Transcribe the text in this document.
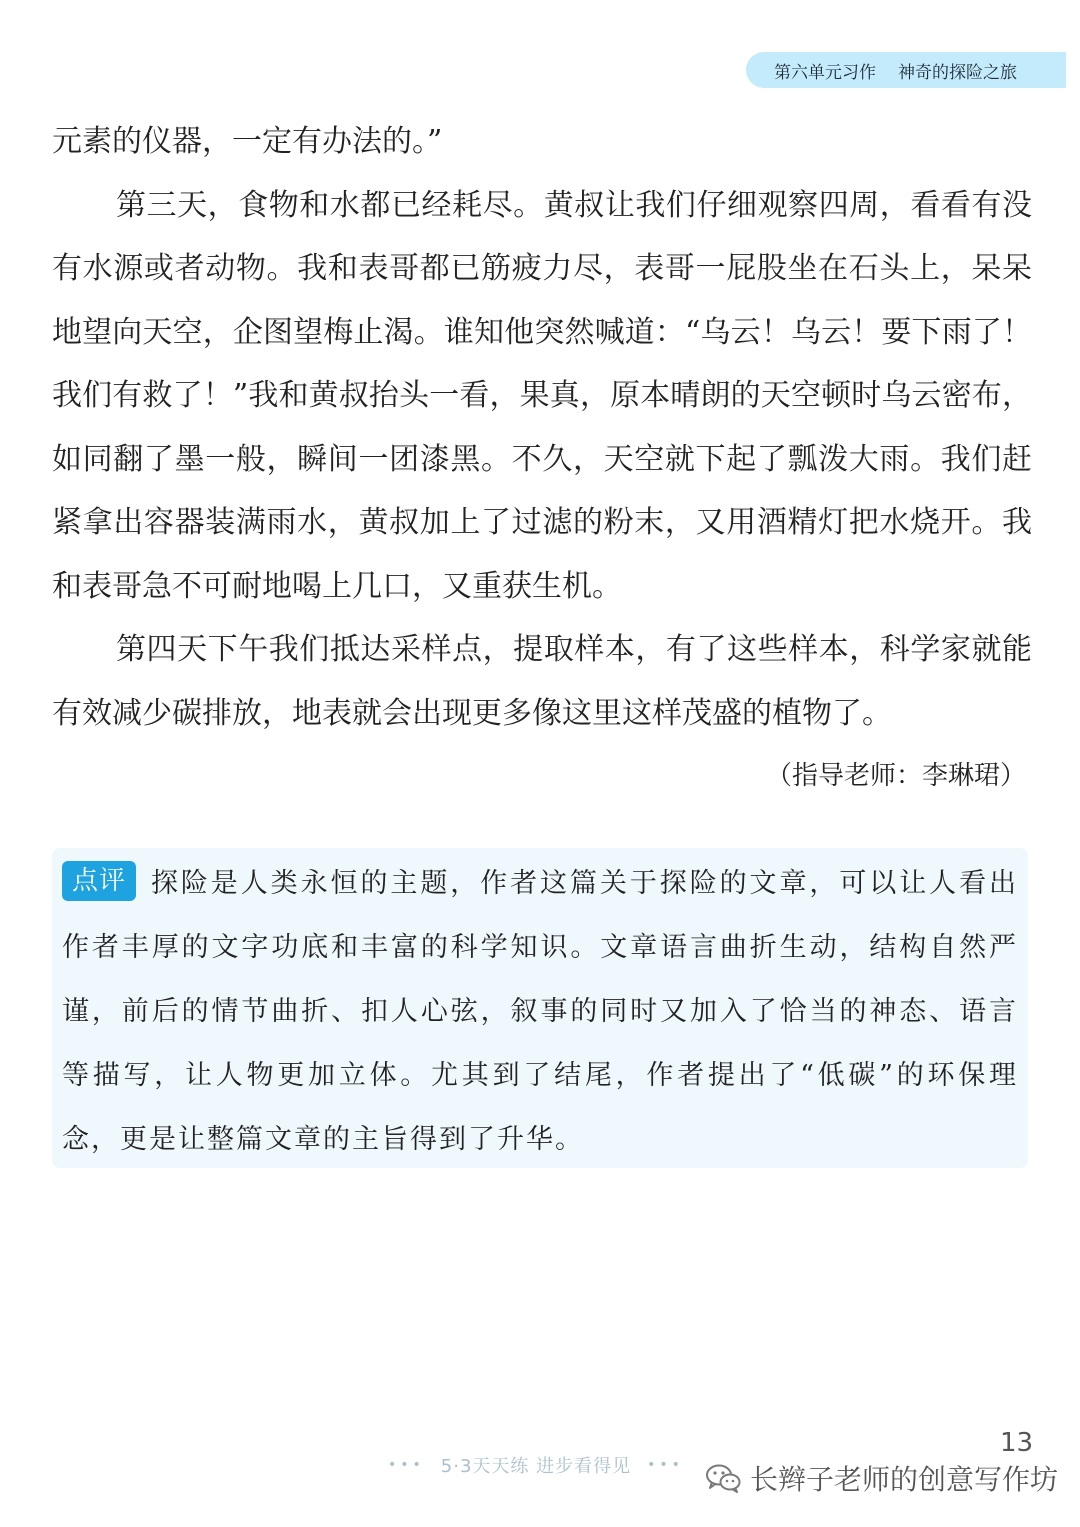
第六单元习作 神奇的探险之旅

元素的仪器，一定有办法的。”

第三天，食物和水都已经耗尽。黄叔让我们仔细观察四周，看看有没有水源或者动物。我和表哥都已筋疲力尽，表哥一屁股坐在石头上，呆呆地望向天空，企图望梅止渴。谁知他突然喊道：“乌云！乌云！要下雨了！我们有救了！”我和黄叔抬头一看，果真，原本晴朗的天空顿时乌云密布，如同翻了墨一般，瞬间一团漆黑。不久，天空就下起了瓢泼大雨。我们赶紧拿出容器装满雨水，黄叔加上了过滤的粉末，又用酒精灯把水烧开。我和表哥急不可耐地喝上几口，又重获生机。

第四天下午我们抵达采样点，提取样本，有了这些样本，科学家就能有效减少碳排放，地表就会出现更多像这里这样茂盛的植物了。

（指导老师：李琳珺）

点评 探险是人类永恒的主题，作者这篇关于探险的文章，可以让人看出作者丰厚的文字功底和丰富的科学知识。文章语言曲折生动，结构自然严谨，前后的情节曲折、扣人心弦，叙事的同时又加入了恰当的神态、语言等描写，让人物更加立体。尤其到了结尾，作者提出了“低碳”的环保理念，更是让整篇文章的主旨得到了升华。

••• 5·3天天练 进步看得见 •••
13
长辫子老师的创意写作坊
